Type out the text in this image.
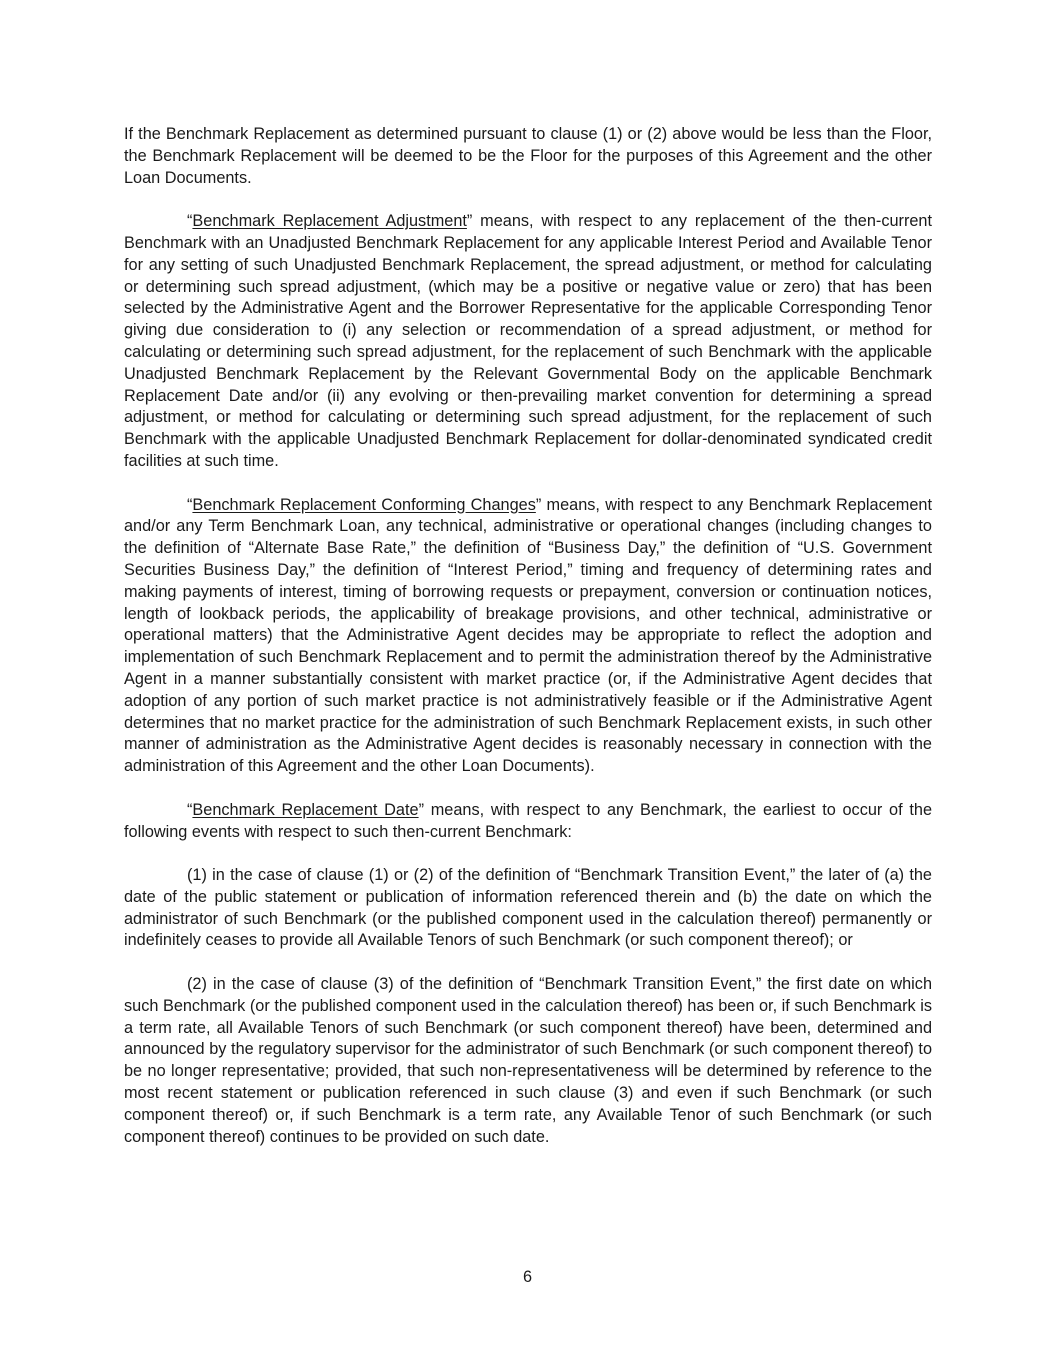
If the Benchmark Replacement as determined pursuant to clause (1) or (2) above would be less than the Floor, the Benchmark Replacement will be deemed to be the Floor for the purposes of this Agreement and the other Loan Documents.

“Benchmark Replacement Adjustment” means, with respect to any replacement of the then-current Benchmark with an Unadjusted Benchmark Replacement for any applicable Interest Period and Available Tenor for any setting of such Unadjusted Benchmark Replacement, the spread adjustment, or method for calculating or determining such spread adjustment, (which may be a positive or negative value or zero) that has been selected by the Administrative Agent and the Borrower Representative for the applicable Corresponding Tenor giving due consideration to (i) any selection or recommendation of a spread adjustment, or method for calculating or determining such spread adjustment, for the replacement of such Benchmark with the applicable Unadjusted Benchmark Replacement by the Relevant Governmental Body on the applicable Benchmark Replacement Date and/or (ii) any evolving or then-prevailing market convention for determining a spread adjustment, or method for calculating or determining such spread adjustment, for the replacement of such Benchmark with the applicable Unadjusted Benchmark Replacement for dollar-denominated syndicated credit facilities at such time.

“Benchmark Replacement Conforming Changes” means, with respect to any Benchmark Replacement and/or any Term Benchmark Loan, any technical, administrative or operational changes (including changes to the definition of “Alternate Base Rate,” the definition of “Business Day,” the definition of “U.S. Government Securities Business Day,” the definition of “Interest Period,” timing and frequency of determining rates and making payments of interest, timing of borrowing requests or prepayment, conversion or continuation notices, length of lookback periods, the applicability of breakage provisions, and other technical, administrative or operational matters) that the Administrative Agent decides may be appropriate to reflect the adoption and implementation of such Benchmark Replacement and to permit the administration thereof by the Administrative Agent in a manner substantially consistent with market practice (or, if the Administrative Agent decides that adoption of any portion of such market practice is not administratively feasible or if the Administrative Agent determines that no market practice for the administration of such Benchmark Replacement exists, in such other manner of administration as the Administrative Agent decides is reasonably necessary in connection with the administration of this Agreement and the other Loan Documents).

“Benchmark Replacement Date” means, with respect to any Benchmark, the earliest to occur of the following events with respect to such then-current Benchmark:

(1) in the case of clause (1) or (2) of the definition of “Benchmark Transition Event,” the later of (a) the date of the public statement or publication of information referenced therein and (b) the date on which the administrator of such Benchmark (or the published component used in the calculation thereof) permanently or indefinitely ceases to provide all Available Tenors of such Benchmark (or such component thereof); or

(2) in the case of clause (3) of the definition of “Benchmark Transition Event,” the first date on which such Benchmark (or the published component used in the calculation thereof) has been or, if such Benchmark is a term rate, all Available Tenors of such Benchmark (or such component thereof) have been, determined and announced by the regulatory supervisor for the administrator of such Benchmark (or such component thereof) to be no longer representative; provided, that such non-representativeness will be determined by reference to the most recent statement or publication referenced in such clause (3) and even if such Benchmark (or such component thereof) or, if such Benchmark is a term rate, any Available Tenor of such Benchmark (or such component thereof) continues to be provided on such date.

6
